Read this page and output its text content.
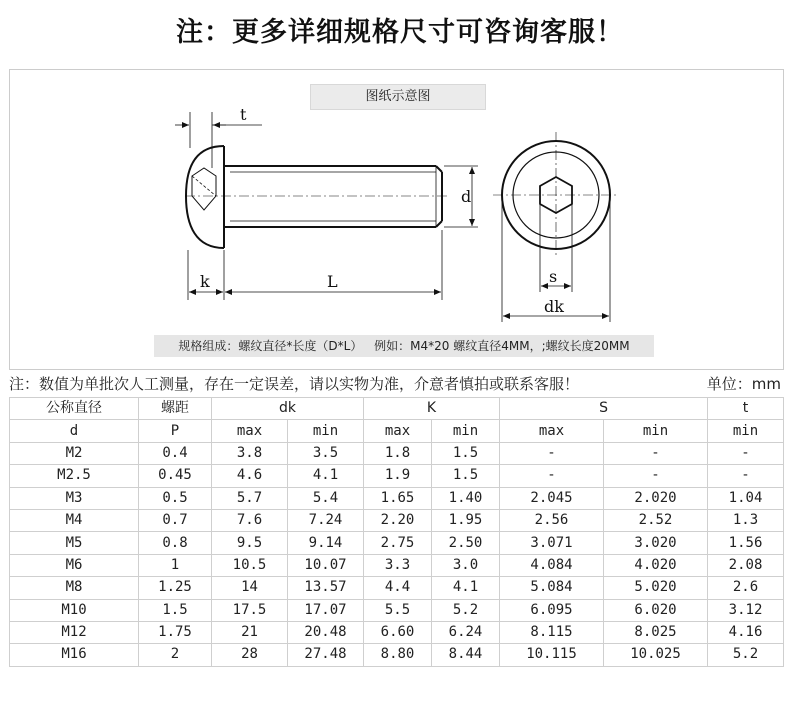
注：更多详细规格尺寸可咨询客服！
t
d
k	L	s
dk
图纸示意图
规格组成：螺纹直径*长度（D*L） 例如：M4*20 螺纹直径4MM，;螺纹长度20MM
注：数值为单批次人工测量，存在一定误差，请以实物为准，介意者慎拍或联系客服！	单位：mm
公称直径	螺距	dk		K		S		t
d	P	max	min	max	min	max	min	min
M2	0.4	3.8	3.5	1.8	1.5	-	-	-
M2.5	0.45	4.6	4.1	1.9	1.5	-	-	-
M3	0.5	5.7	5.4	1.65	1.40	2.045	2.020	1.04
M4	0.7	7.6	7.24	2.20	1.95	2.56	2.52	1.3
M5	0.8	9.5	9.14	2.75	2.50	3.071	3.020	1.56
M6	1	10.5	10.07	3.3	3.0	4.084	4.020	2.08
M8	1.25	14	13.57	4.4	4.1	5.084	5.020	2.6
M10	1.5	17.5	17.07	5.5	5.2	6.095	6.020	3.12
M12	1.75	21	20.48	6.60	6.24	8.115	8.025	4.16
M16	2	28	27.48	8.80	8.44	10.115	10.025	5.2
